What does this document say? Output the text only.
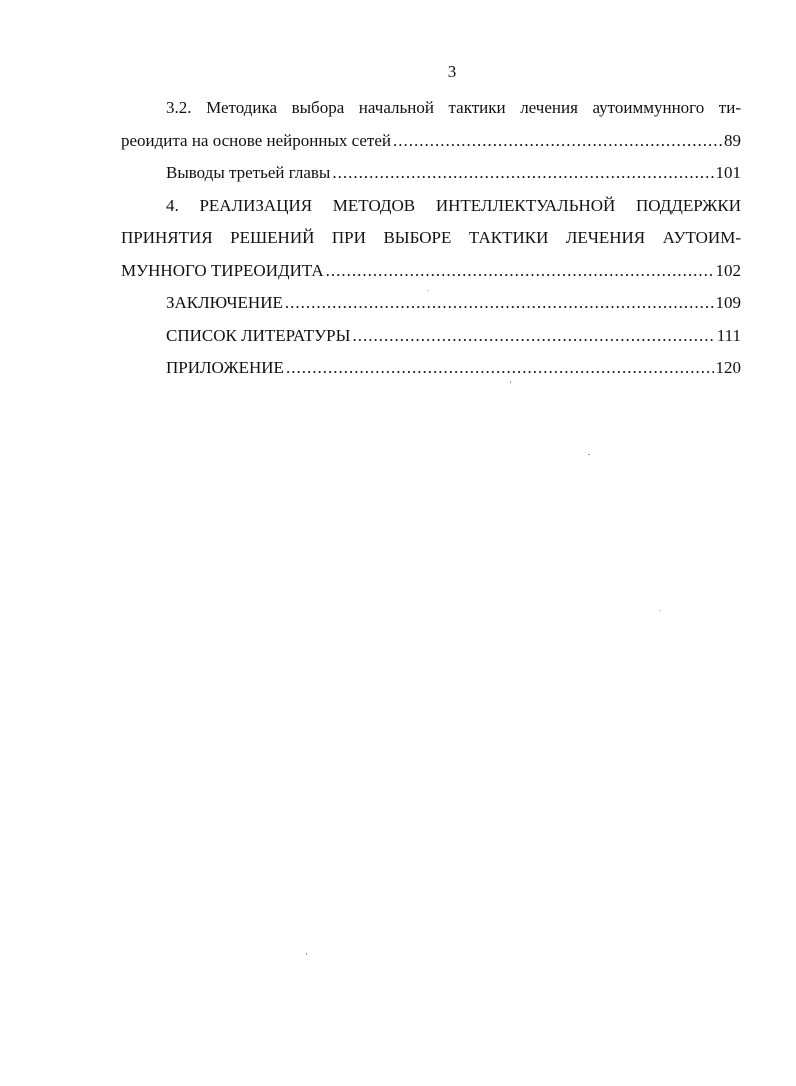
3
3.2. Методика выбора начальной тактики лечения аутоиммунного ти-
реоидита на основе нейронных сетей .....	89
Выводы третьей главы .....	101
4. РЕАЛИЗАЦИЯ МЕТОДОВ ИНТЕЛЛЕКТУАЛЬНОЙ ПОДДЕРЖКИ
ПРИНЯТИЯ РЕШЕНИЙ ПРИ ВЫБОРЕ ТАКТИКИ ЛЕЧЕНИЯ АУТОИМ-
МУННОГО ТИРЕОИДИТА .....	102
ЗАКЛЮЧЕНИЕ .....	109
СПИСОК ЛИТЕРАТУРЫ .....	111
ПРИЛОЖЕНИЕ .....	120
